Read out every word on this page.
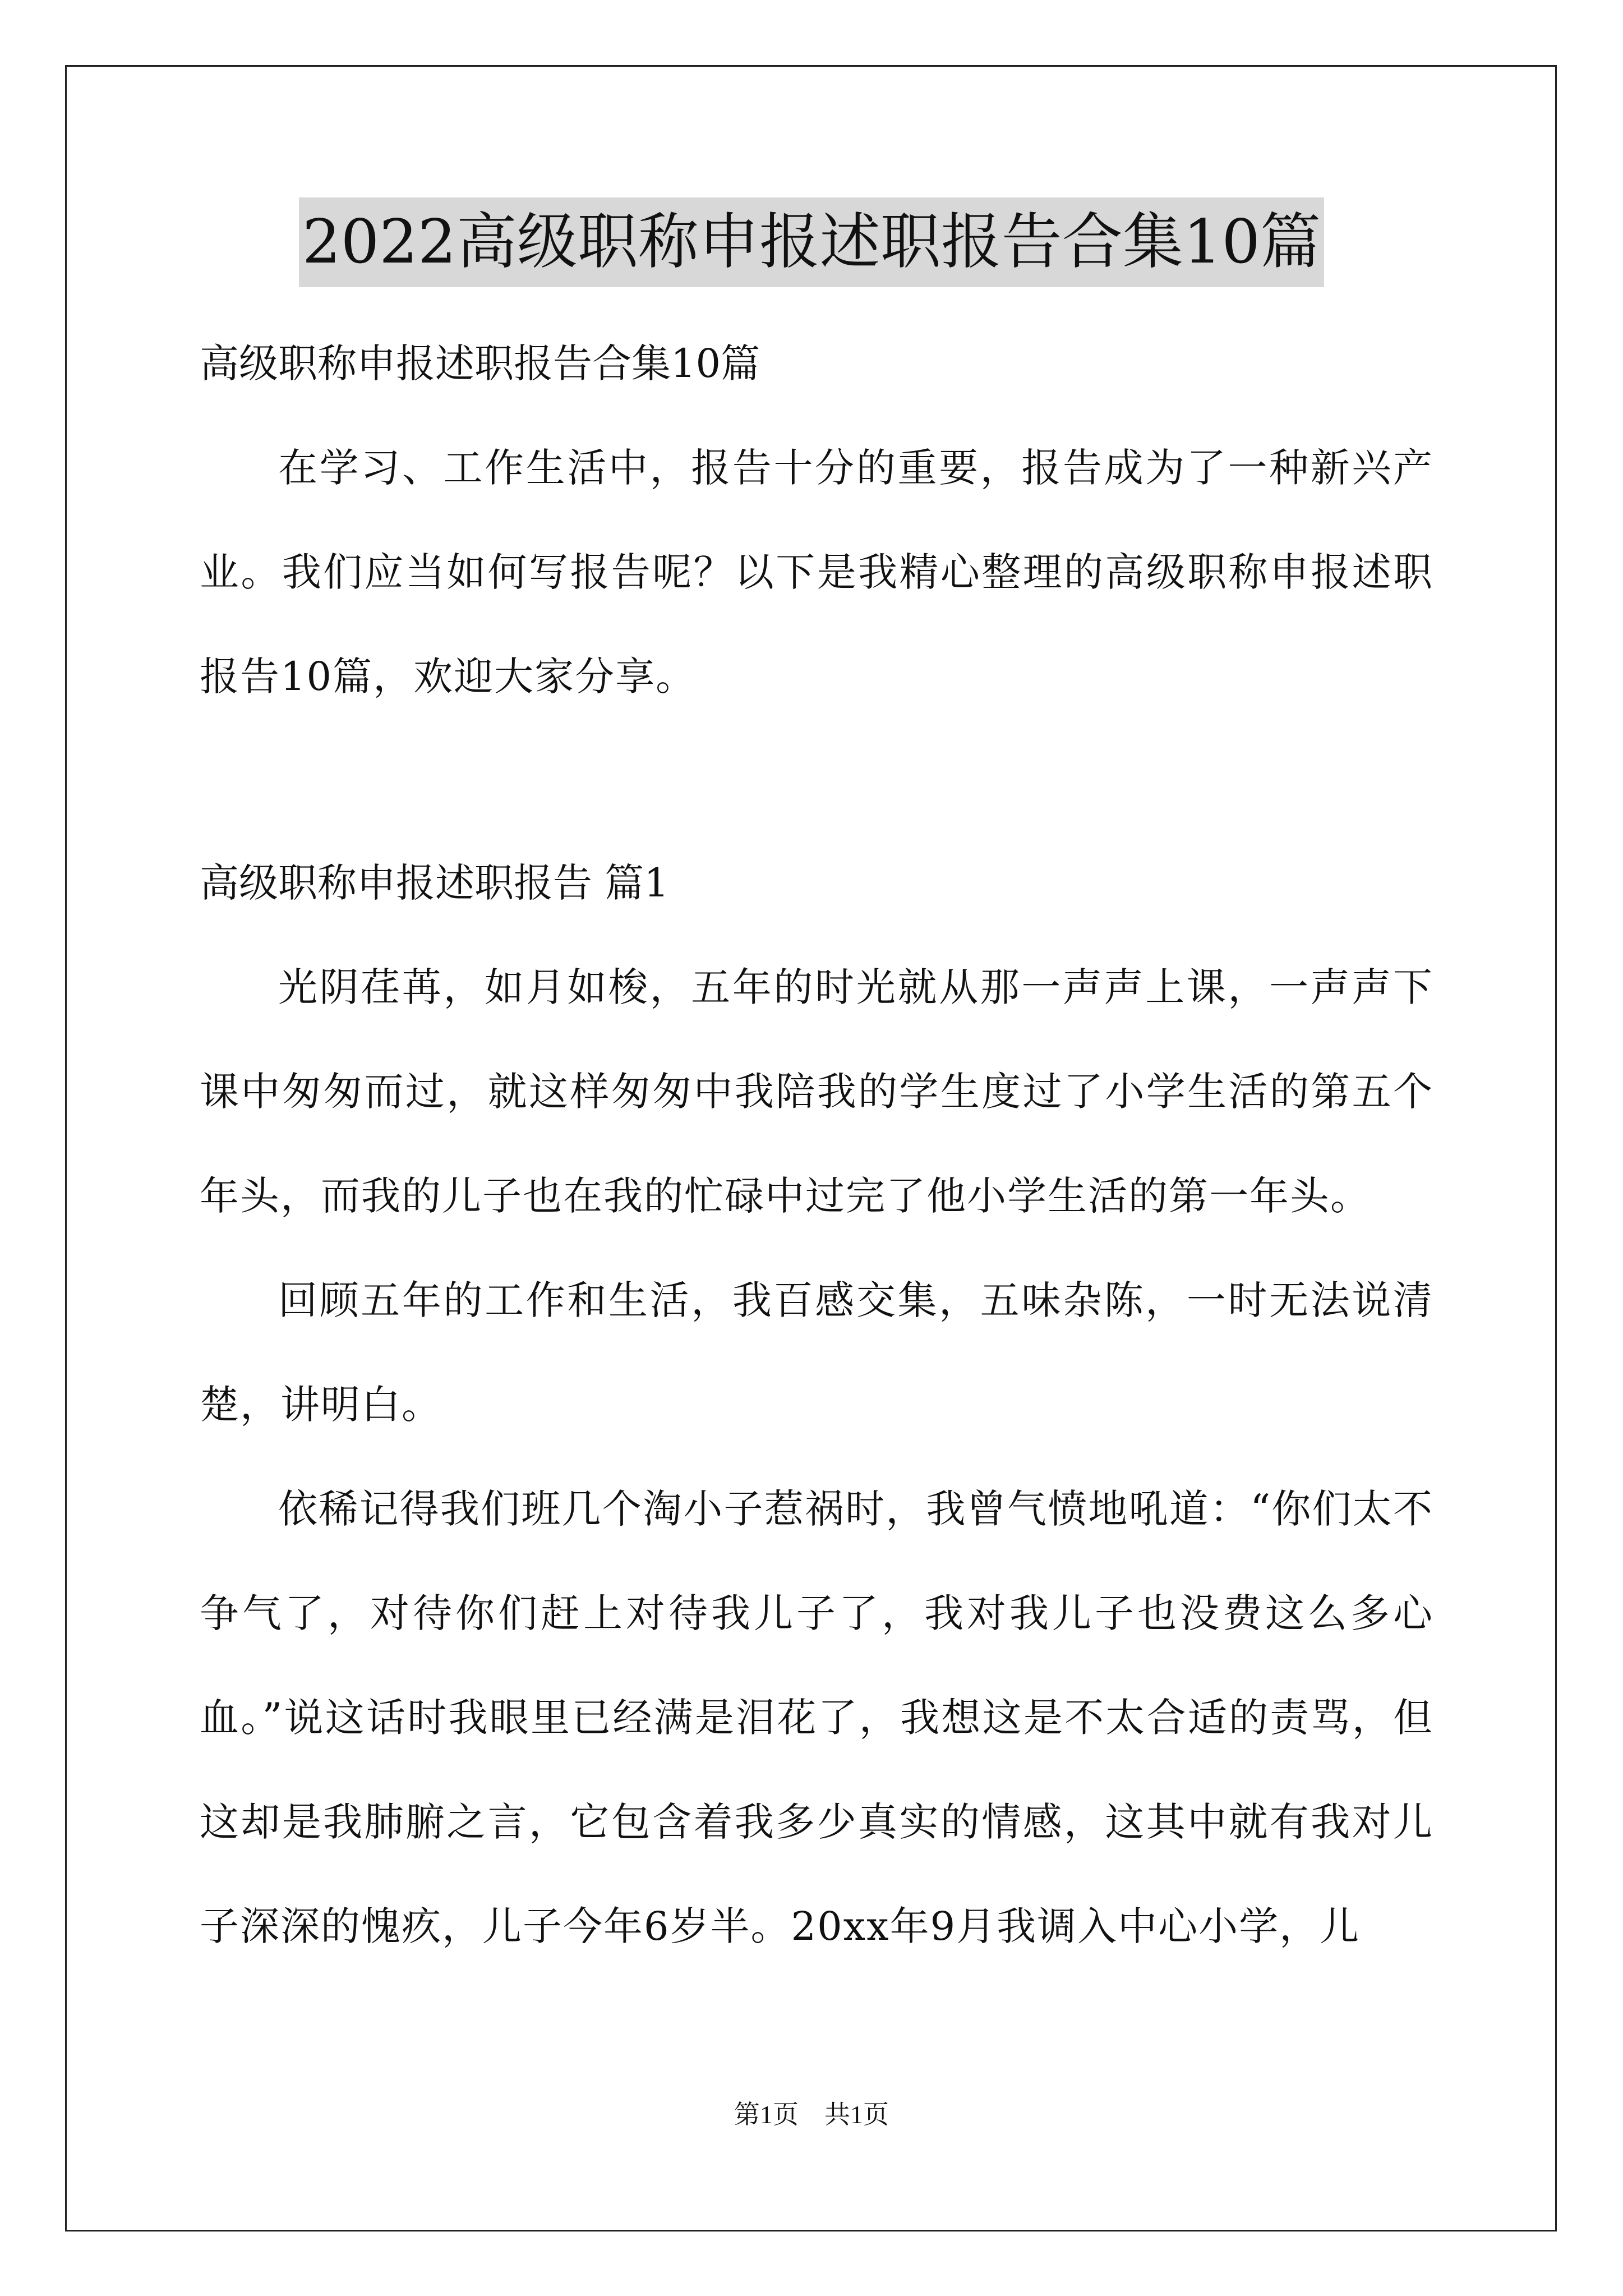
2022高级职称申报述职报告合集10篇

高级职称申报述职报告合集10篇

在学习、工作生活中，报告十分的重要，报告成为了一种新兴产业。我们应当如何写报告呢？以下是我精心整理的高级职称申报述职报告10篇，欢迎大家分享。

高级职称申报述职报告 篇1

光阴荏苒，如月如梭，五年的时光就从那一声声上课，一声声下课中匆匆而过，就这样匆匆中我陪我的学生度过了小学生活的第五个年头，而我的儿子也在我的忙碌中过完了他小学生活的第一年头。

回顾五年的工作和生活，我百感交集，五味杂陈，一时无法说清楚，讲明白。

依稀记得我们班几个淘小子惹祸时，我曾气愤地吼道：“你们太不争气了，对待你们赶上对待我儿子了，我对我儿子也没费这么多心血。”说这话时我眼里已经满是泪花了，我想这是不太合适的责骂，但这却是我肺腑之言，它包含着我多少真实的情感，这其中就有我对儿子深深的愧疚，儿子今年6岁半。20xx年9月我调入中心小学，儿

第1页　共1页
